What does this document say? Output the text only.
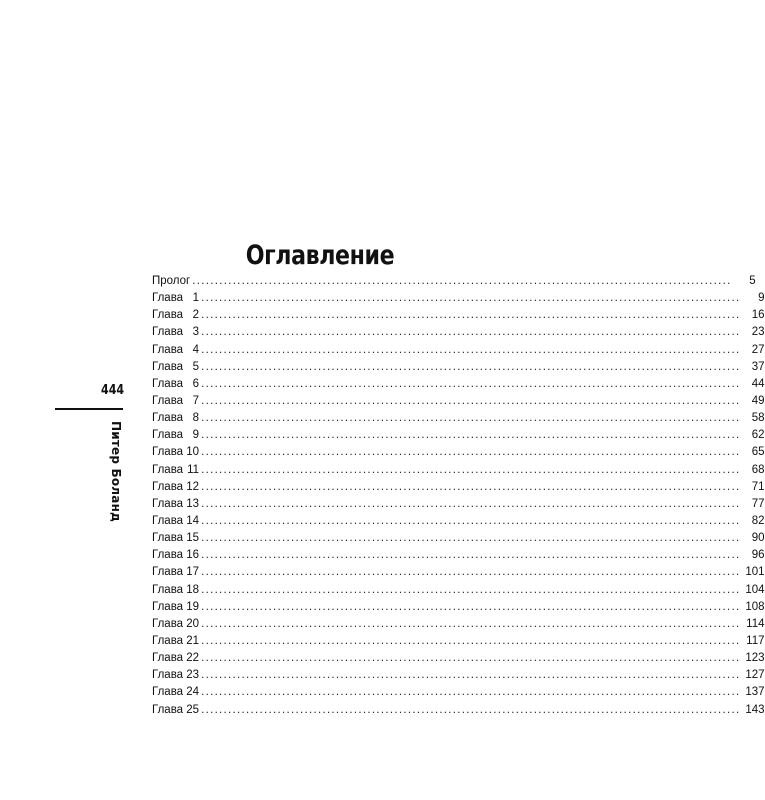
Оглавление
Пролог ........................................................................................................................	5
Глава 1 ........................................................................................................................	9
Глава 2 ........................................................................................................................ 16
Глава 3 ........................................................................................................................ 23
Глава 4 ........................................................................................................................ 27
Глава 5 ........................................................................................................................ 37
Глава 6 ........................................................................................................................ 44
Глава 7 ........................................................................................................................ 49
Глава 8 ........................................................................................................................ 58
Глава 9 ........................................................................................................................ 62
Глава 10 ........................................................................................................................ 65
Глава 11 ........................................................................................................................ 68
Глава 12 ........................................................................................................................ 71
Глава 13 ........................................................................................................................ 77
Глава 14 ........................................................................................................................ 82
Глава 15 ........................................................................................................................ 90
Глава 16 ........................................................................................................................ 96
Глава 17 ........................................................................................................................ 101
Глава 18 ........................................................................................................................ 104
Глава 19 ........................................................................................................................ 108
Глава 20 ........................................................................................................................ 114
Глава 21 ........................................................................................................................ 117
Глава 22 ........................................................................................................................ 123
Глава 23 ........................................................................................................................ 127
Глава 24 ........................................................................................................................ 137
Глава 25 ........................................................................................................................ 143
444
Питер Боланд
